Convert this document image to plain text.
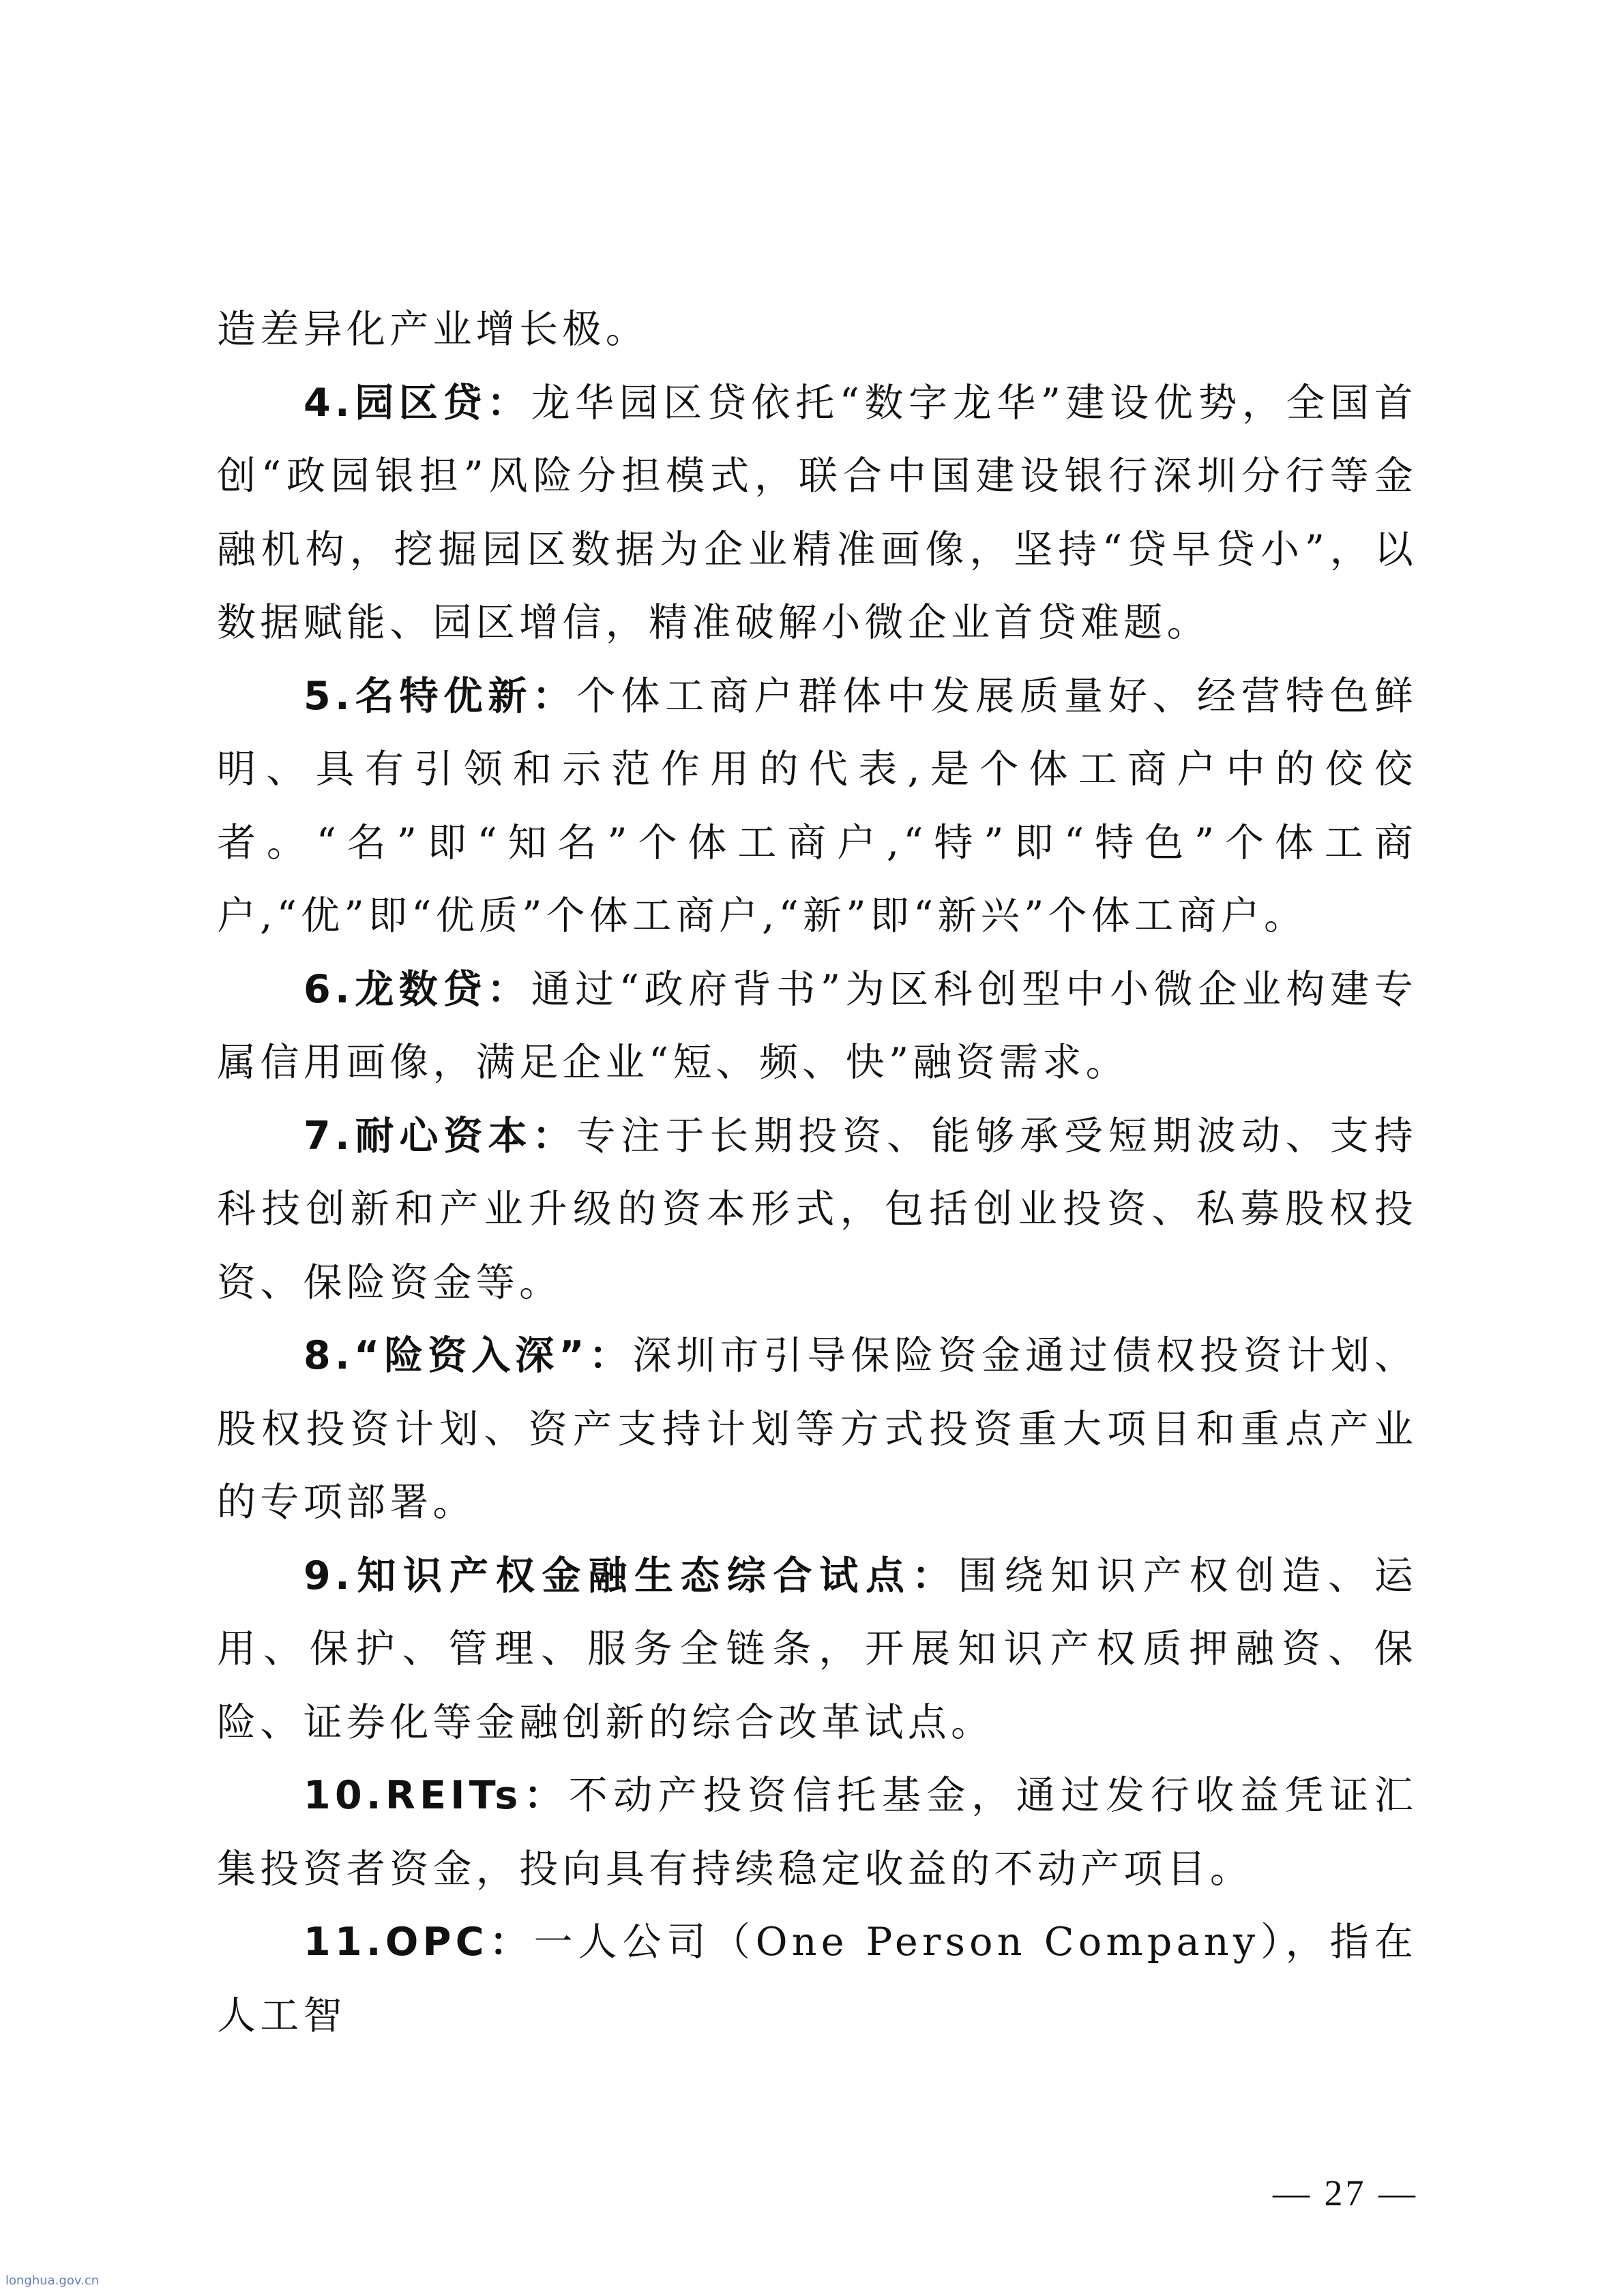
造差异化产业增长极。

4.园区贷：龙华园区贷依托“数字龙华”建设优势，全国首创“政园银担”风险分担模式，联合中国建设银行深圳分行等金融机构，挖掘园区数据为企业精准画像，坚持“贷早贷小”，以数据赋能、园区增信，精准破解小微企业首贷难题。

5.名特优新：个体工商户群体中发展质量好、经营特色鲜明、具有引领和示范作用的代表,是个体工商户中的佼佼者。“名”即“知名”个体工商户,“特”即“特色”个体工商户,“优”即“优质”个体工商户,“新”即“新兴”个体工商户。

6.龙数贷：通过“政府背书”为区科创型中小微企业构建专属信用画像，满足企业“短、频、快”融资需求。

7.耐心资本：专注于长期投资、能够承受短期波动、支持科技创新和产业升级的资本形式，包括创业投资、私募股权投资、保险资金等。

8.“险资入深”：深圳市引导保险资金通过债权投资计划、股权投资计划、资产支持计划等方式投资重大项目和重点产业的专项部署。

9.知识产权金融生态综合试点：围绕知识产权创造、运用、保护、管理、服务全链条，开展知识产权质押融资、保险、证券化等金融创新的综合改革试点。

10.REITs：不动产投资信托基金，通过发行收益凭证汇集投资者资金，投向具有持续稳定收益的不动产项目。

11.OPC：一人公司（One Person Company），指在人工智

— 27 —
longhua.gov.cn
